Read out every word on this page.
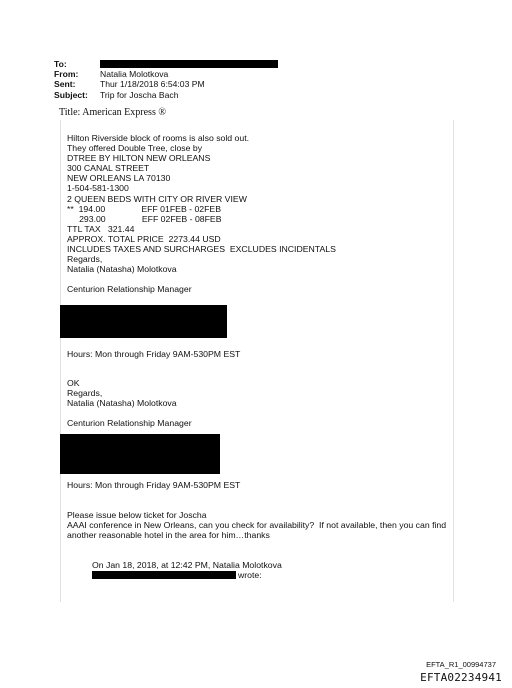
To:
From:	Natalia Molotkova
Sent:	Thur 1/18/2018 6:54:03 PM
Subject:	Trip for Joscha Bach
Title: American Express ®
Hilton Riverside block of rooms is also sold out.
They offered Double Tree, close by
DTREE BY HILTON NEW ORLEANS
300 CANAL STREET
NEW ORLEANS LA 70130
1-504-581-1300
2 QUEEN BEDS WITH CITY OR RIVER VIEW
**  194.00               EFF 01FEB - 02FEB
293.00               EFF 02FEB - 08FEB
TTL TAX   321.44
APPROX. TOTAL PRICE  2273.44 USD
INCLUDES TAXES AND SURCHARGES  EXCLUDES INCIDENTALS
Regards,
Natalia (Natasha) Molotkova

Centurion Relationship Manager
Hours: Mon through Friday 9AM-530PM EST
OK
Regards,
Natalia (Natasha) Molotkova

Centurion Relationship Manager
Hours: Mon through Friday 9AM-530PM EST
Please issue below ticket for Joscha
AAAI conference in New Orleans, can you check for availability?  If not available, then you can find
another reasonable hotel in the area for him…thanks
On Jan 18, 2018, at 12:42 PM, Natalia Molotkova
wrote:
EFTA_R1_00994737
EFTA02234941
